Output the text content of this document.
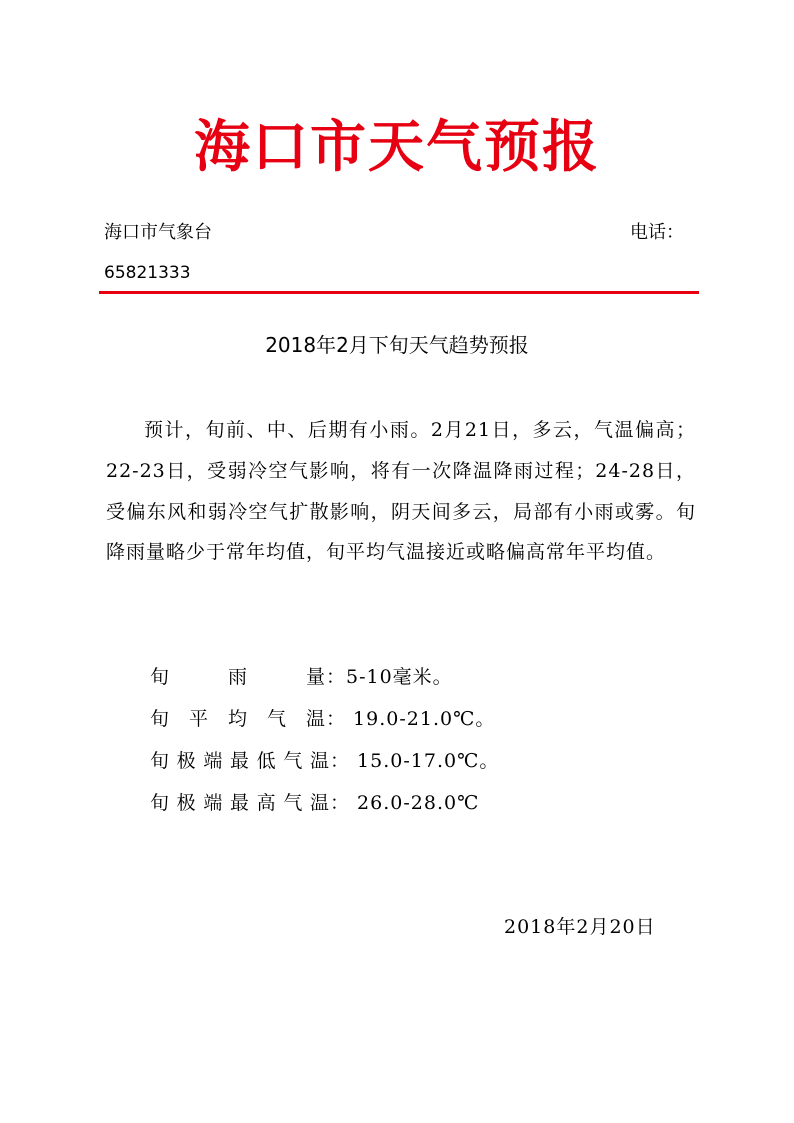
海口市天气预报
海口市气象台	电话：
65821333
2018年2月下旬天气趋势预报

预计，旬前、中、后期有小雨。2月21日，多云，气温偏高；22-23日，受弱冷空气影响，将有一次降温降雨过程；24-28日，受偏东风和弱冷空气扩散影响，阴天间多云，局部有小雨或雾。旬降雨量略少于常年均值，旬平均气温接近或略偏高常年平均值。

旬雨量：5-10毫米。
旬平均气温： 19.0-21.0℃。
旬极端最低气温： 15.0-17.0℃。
旬极端最高气温： 26.0-28.0℃
2018年2月20日
